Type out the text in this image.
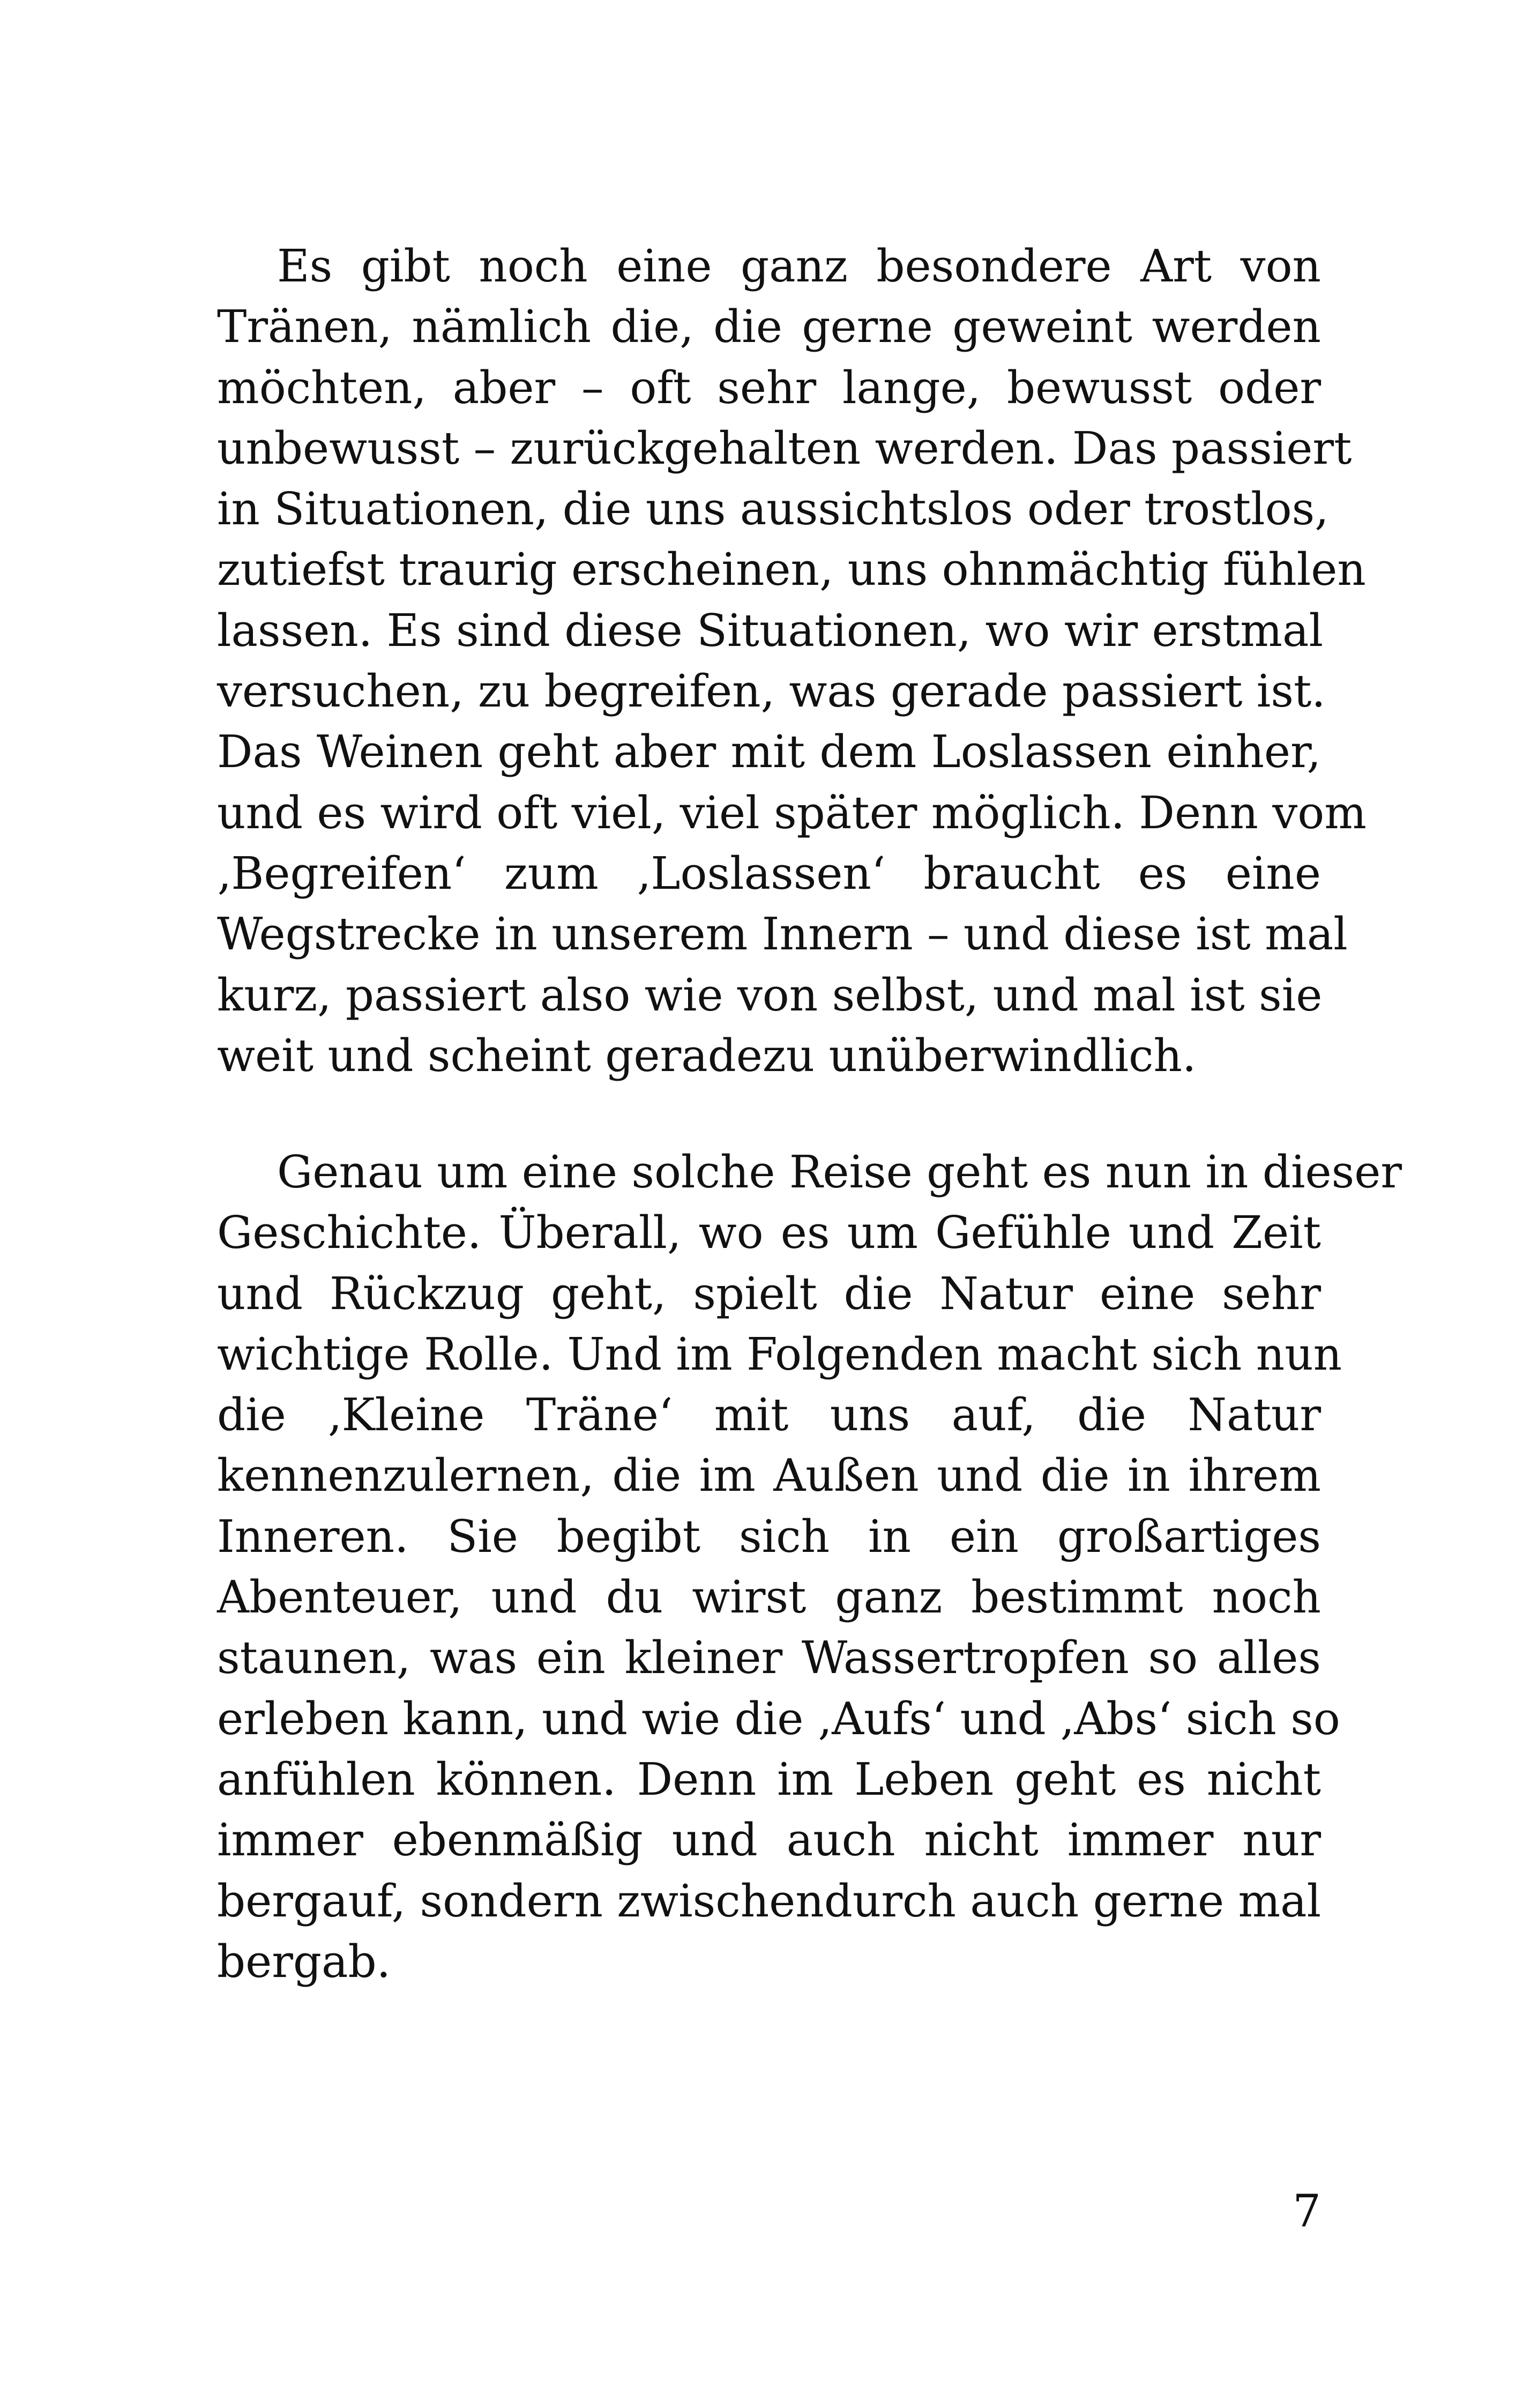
Es gibt noch eine ganz besondere Art von
Tränen, nämlich die, die gerne geweint werden
möchten, aber – oft sehr lange, bewusst oder
unbewusst – zurückgehalten werden. Das passiert
in Situationen, die uns aussichtslos oder trostlos,
zutiefst traurig erscheinen, uns ohnmächtig fühlen
lassen. Es sind diese Situationen, wo wir erstmal
versuchen, zu begreifen, was gerade passiert ist.
Das Weinen geht aber mit dem Loslassen einher,
und es wird oft viel, viel später möglich. Denn vom
‚Begreifen‘ zum ‚Loslassen‘ braucht es eine
Wegstrecke in unserem Innern – und diese ist mal
kurz, passiert also wie von selbst, und mal ist sie
weit und scheint geradezu unüberwindlich.
Genau um eine solche Reise geht es nun in dieser
Geschichte. Überall, wo es um Gefühle und Zeit
und Rückzug geht, spielt die Natur eine sehr
wichtige Rolle. Und im Folgenden macht sich nun
die ‚Kleine Träne‘ mit uns auf, die Natur
kennenzulernen, die im Außen und die in ihrem
Inneren. Sie begibt sich in ein großartiges
Abenteuer, und du wirst ganz bestimmt noch
staunen, was ein kleiner Wassertropfen so alles
erleben kann, und wie die ‚Aufs‘ und ‚Abs‘ sich so
anfühlen können. Denn im Leben geht es nicht
immer ebenmäßig und auch nicht immer nur
bergauf, sondern zwischendurch auch gerne mal
bergab.
7
